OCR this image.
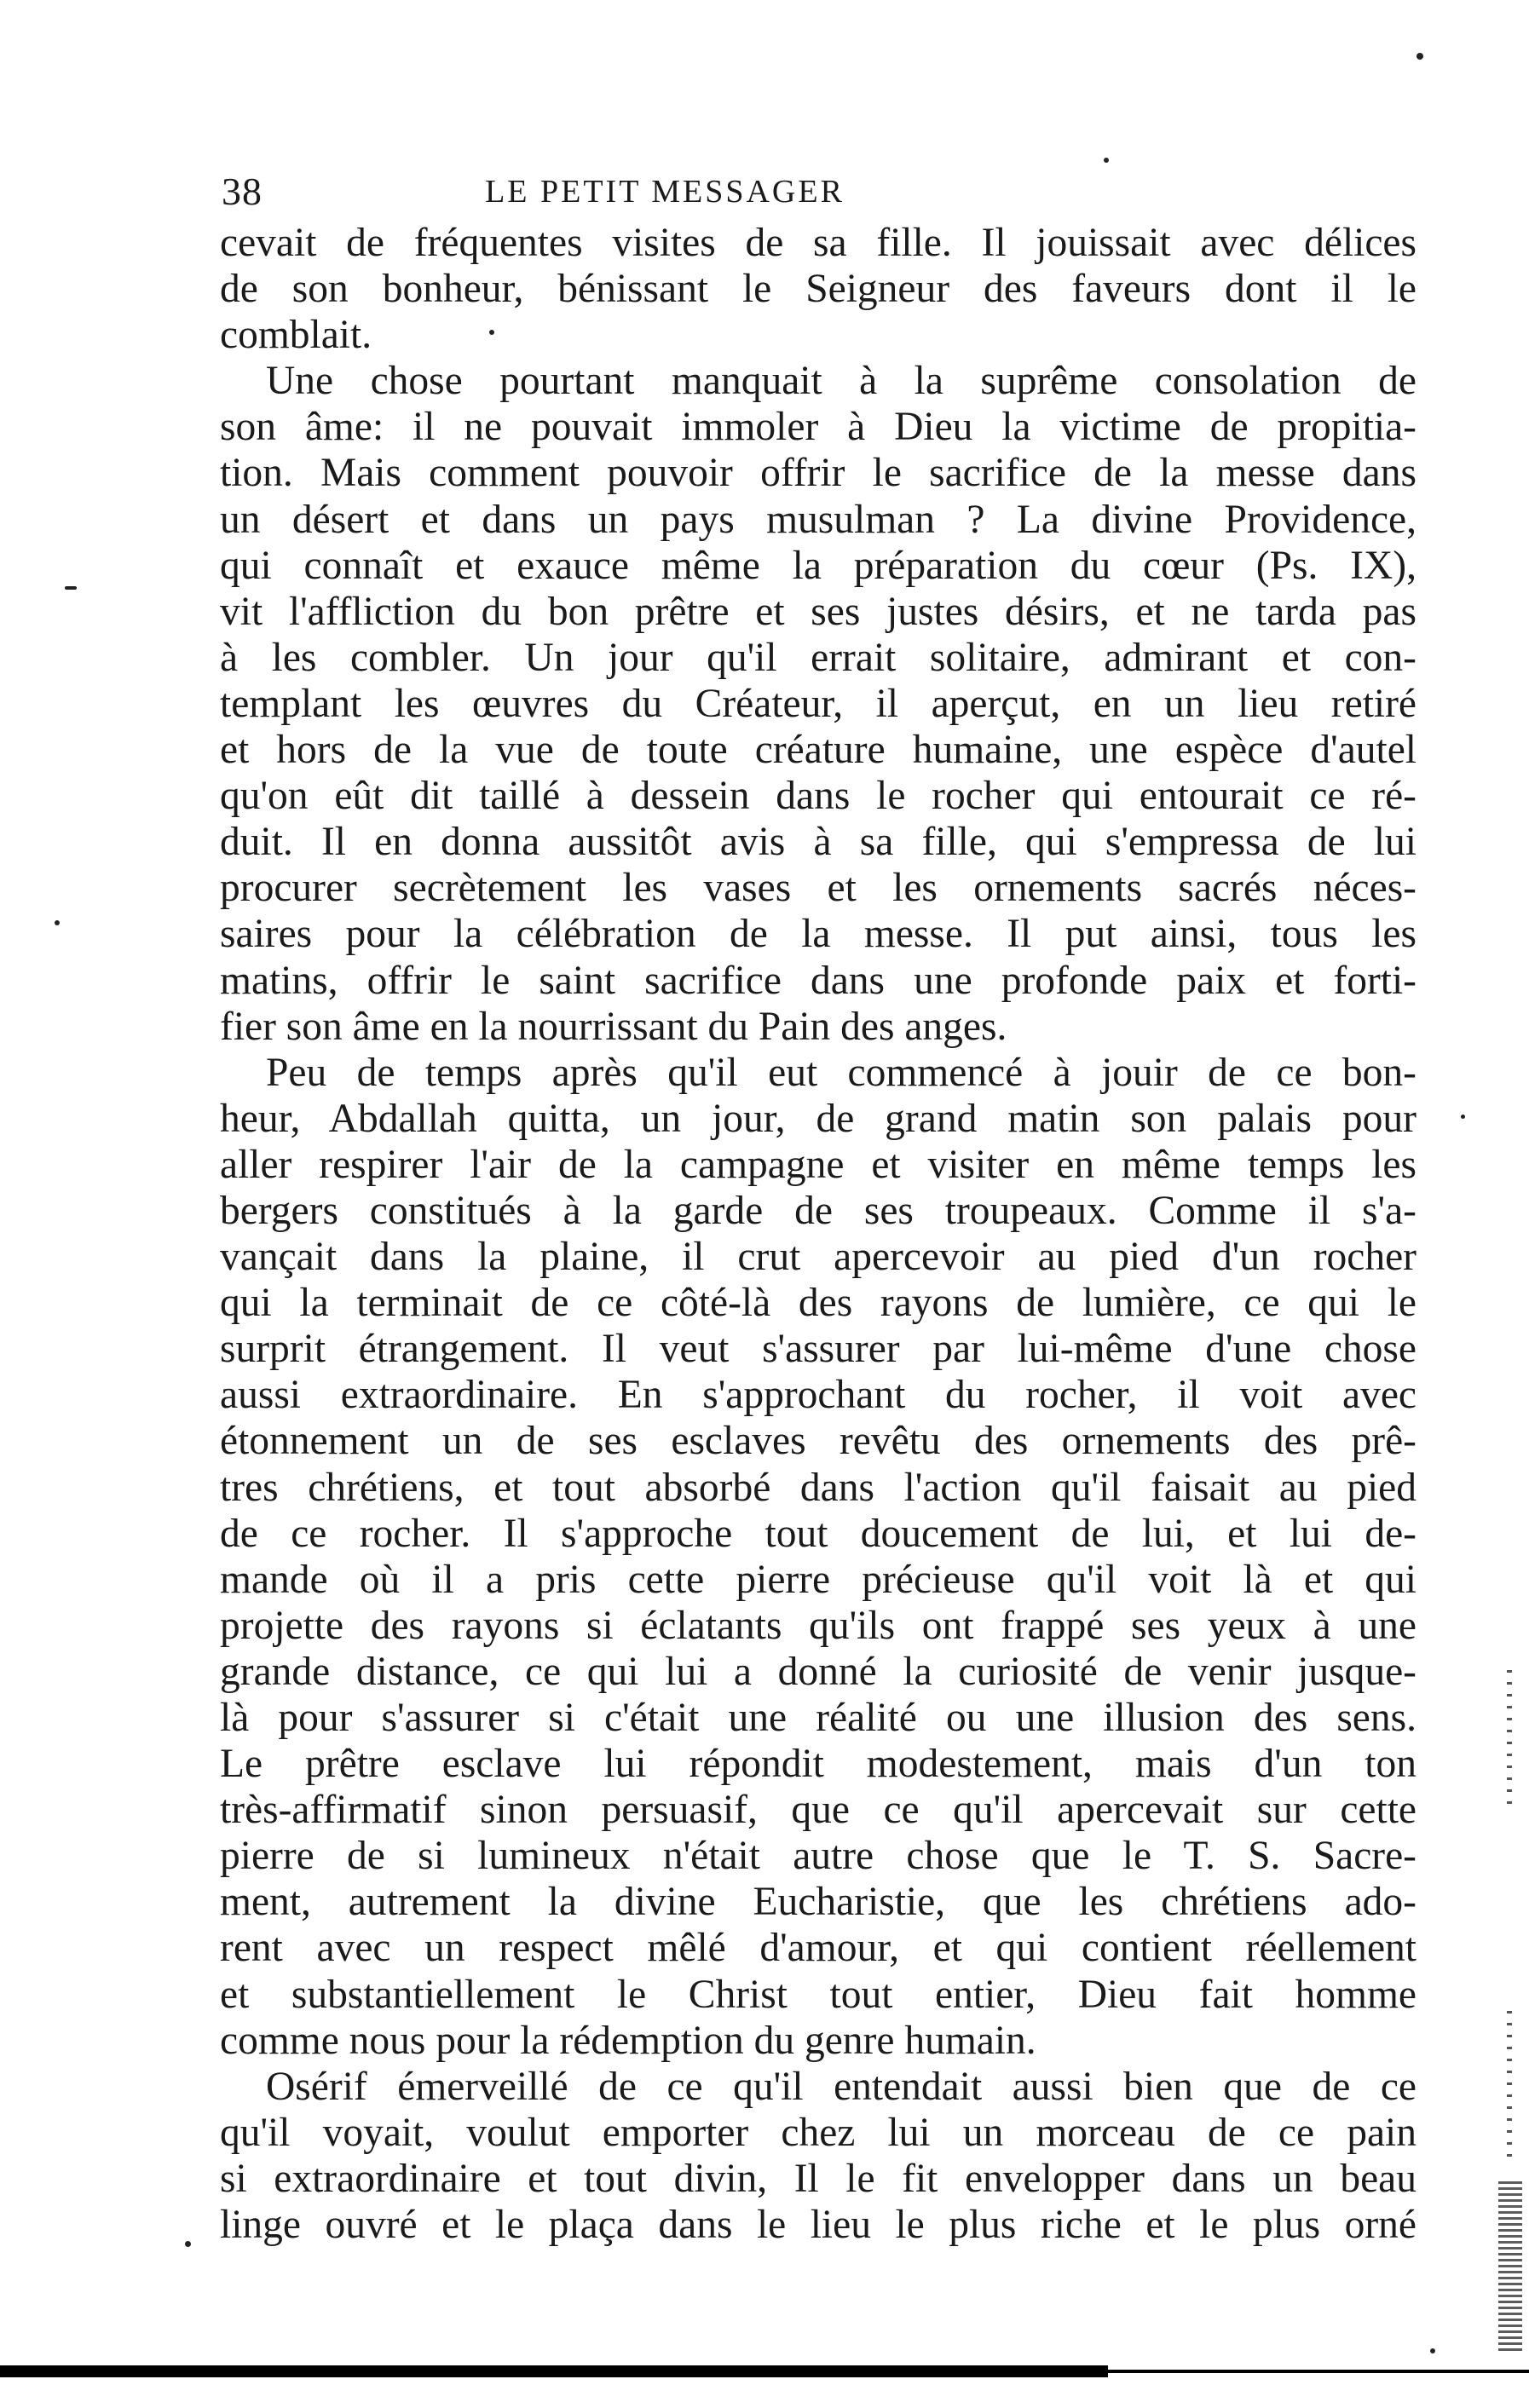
38	LE PETIT MESSAGER
cevait de fréquentes visites de sa fille. Il jouissait avec délices
de son bonheur, bénissant le Seigneur des faveurs dont il le
comblait.
Une chose pourtant manquait à la suprême consolation de
son âme: il ne pouvait immoler à Dieu la victime de propitia-
tion. Mais comment pouvoir offrir le sacrifice de la messe dans
un désert et dans un pays musulman ? La divine Providence,
qui connaît et exauce même la préparation du cœur (Ps. IX),
vit l'affliction du bon prêtre et ses justes désirs, et ne tarda pas
à les combler. Un jour qu'il errait solitaire, admirant et con-
templant les œuvres du Créateur, il aperçut, en un lieu retiré
et hors de la vue de toute créature humaine, une espèce d'autel
qu'on eût dit taillé à dessein dans le rocher qui entourait ce ré-
duit. Il en donna aussitôt avis à sa fille, qui s'empressa de lui
procurer secrètement les vases et les ornements sacrés néces-
saires pour la célébration de la messe. Il put ainsi, tous les
matins, offrir le saint sacrifice dans une profonde paix et forti-
fier son âme en la nourrissant du Pain des anges.
Peu de temps après qu'il eut commencé à jouir de ce bon-
heur, Abdallah quitta, un jour, de grand matin son palais pour
aller respirer l'air de la campagne et visiter en même temps les
bergers constitués à la garde de ses troupeaux. Comme il s'a-
vançait dans la plaine, il crut apercevoir au pied d'un rocher
qui la terminait de ce côté-là des rayons de lumière, ce qui le
surprit étrangement. Il veut s'assurer par lui-même d'une chose
aussi extraordinaire. En s'approchant du rocher, il voit avec
étonnement un de ses esclaves revêtu des ornements des prê-
tres chrétiens, et tout absorbé dans l'action qu'il faisait au pied
de ce rocher. Il s'approche tout doucement de lui, et lui de-
mande où il a pris cette pierre précieuse qu'il voit là et qui
projette des rayons si éclatants qu'ils ont frappé ses yeux à une
grande distance, ce qui lui a donné la curiosité de venir jusque-
là pour s'assurer si c'était une réalité ou une illusion des sens.
Le prêtre esclave lui répondit modestement, mais d'un ton
très-affirmatif sinon persuasif, que ce qu'il apercevait sur cette
pierre de si lumineux n'était autre chose que le T. S. Sacre-
ment, autrement la divine Eucharistie, que les chrétiens ado-
rent avec un respect mêlé d'amour, et qui contient réellement
et substantiellement le Christ tout entier, Dieu fait homme
comme nous pour la rédemption du genre humain.
Osérif émerveillé de ce qu'il entendait aussi bien que de ce
qu'il voyait, voulut emporter chez lui un morceau de ce pain
si extraordinaire et tout divin, Il le fit envelopper dans un beau
linge ouvré et le plaça dans le lieu le plus riche et le plus orné
